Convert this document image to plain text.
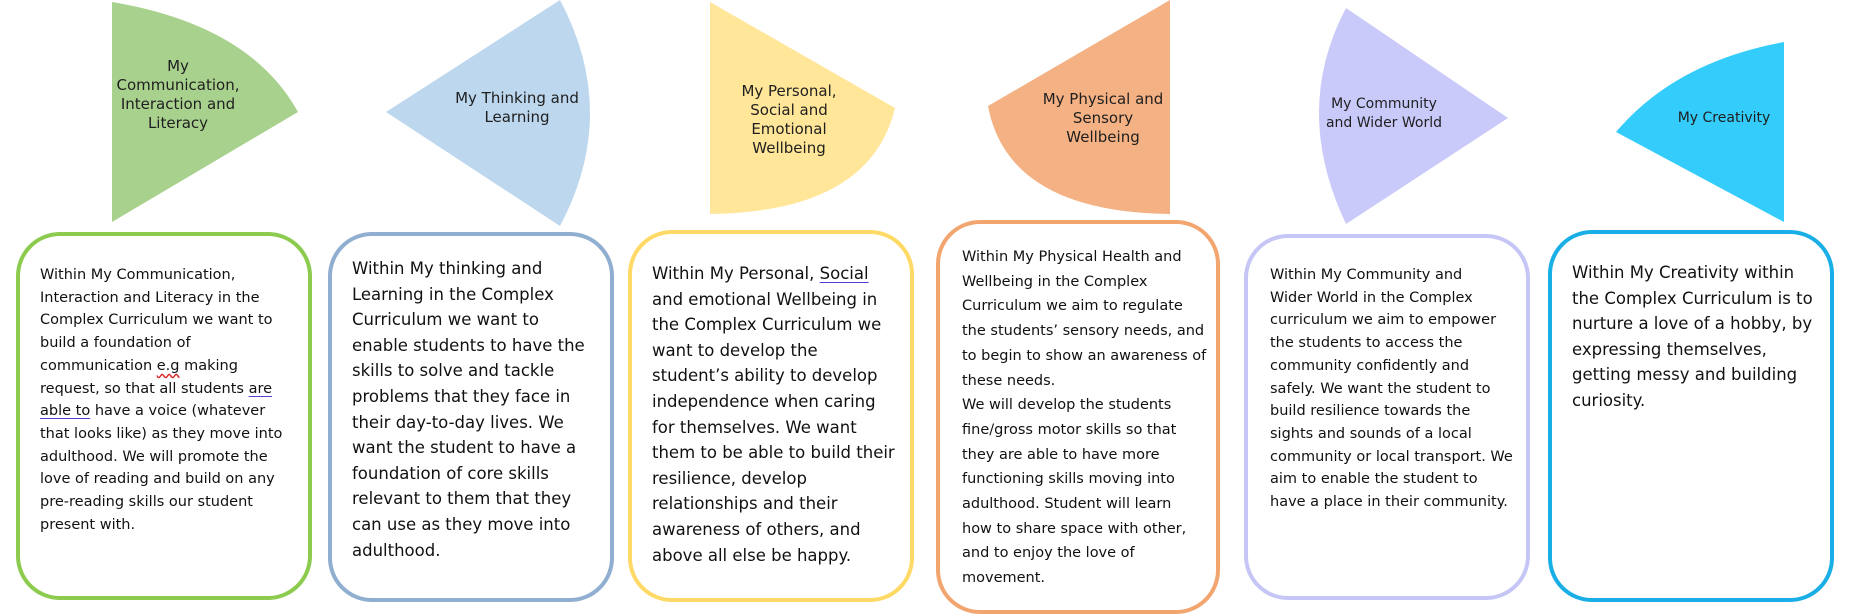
My
Communication,
Interaction and
Literacy
My Thinking and
Learning
My Personal,
Social and
Emotional
Wellbeing
My Physical and
Sensory
Wellbeing
My Community
and Wider World	My Creativity
Within My Communication,
Interaction and Literacy in the
Complex Curriculum we want to
build a foundation of
communication e.g making
request, so that all students are
able to have a voice (whatever
that looks like) as they move into
adulthood. We will promote the
love of reading and build on any
pre-reading skills our student
present with.
Within My thinking and
Learning in the Complex
Curriculum we want to
enable students to have the
skills to solve and tackle
problems that they face in
their day-to-day lives. We
want the student to have a
foundation of core skills
relevant to them that they
can use as they move into
adulthood.
Within My Personal, Social
and emotional Wellbeing in
the Complex Curriculum we
want to develop the
student’s ability to develop
independence when caring
for themselves. We want
them to be able to build their
resilience, develop
relationships and their
awareness of others, and
above all else be happy.
Within My Physical Health and
Wellbeing in the Complex
Curriculum we aim to regulate
the students’ sensory needs, and
to begin to show an awareness of
these needs.
We will develop the students
fine/gross motor skills so that
they are able to have more
functioning skills moving into
adulthood. Student will learn
how to share space with other,
and to enjoy the love of
movement.
Within My Community and
Wider World in the Complex
curriculum we aim to empower
the students to access the
community confidently and
safely. We want the student to
build resilience towards the
sights and sounds of a local
community or local transport. We
aim to enable the student to
have a place in their community.
Within My Creativity within
the Complex Curriculum is to
nurture a love of a hobby, by
expressing themselves,
getting messy and building
curiosity.
